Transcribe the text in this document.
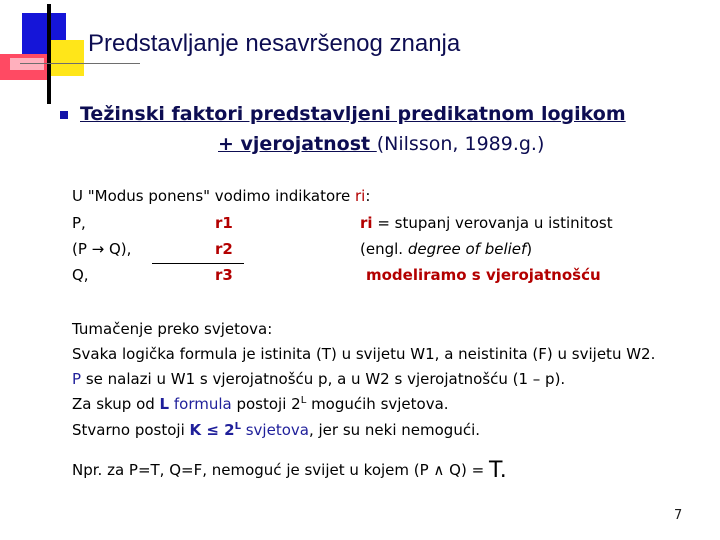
Predstavljanje nesavršenog znanja
Težinski faktori predstavljeni predikatnom logikom
+ vjerojatnost (Nilsson, 1989.g.)
U "Modus ponens" vodimo indikatore ri:
P,	r1	ri = stupanj verovanja u istinitost
(P → Q),	r2	(engl. degree of belief)
Q,	r3	modeliramo s vjerojatnošću
Tumačenje preko svjetova:
Svaka logička formula je istinita (T) u svijetu W1, a neistinita (F) u svijetu W2.
P se nalazi u W1 s vjerojatnošću p, a u W2 s vjerojatnošću (1 – p).
Za skup od L formula postoji $2^L$ mogućih svjetova.
Stvarno postoji $K \le 2^L$ svjetova, jer su neki nemogući.
Npr. za P=T, Q=F, nemoguć je svijet u kojem (P ∧ Q) = T.
7
